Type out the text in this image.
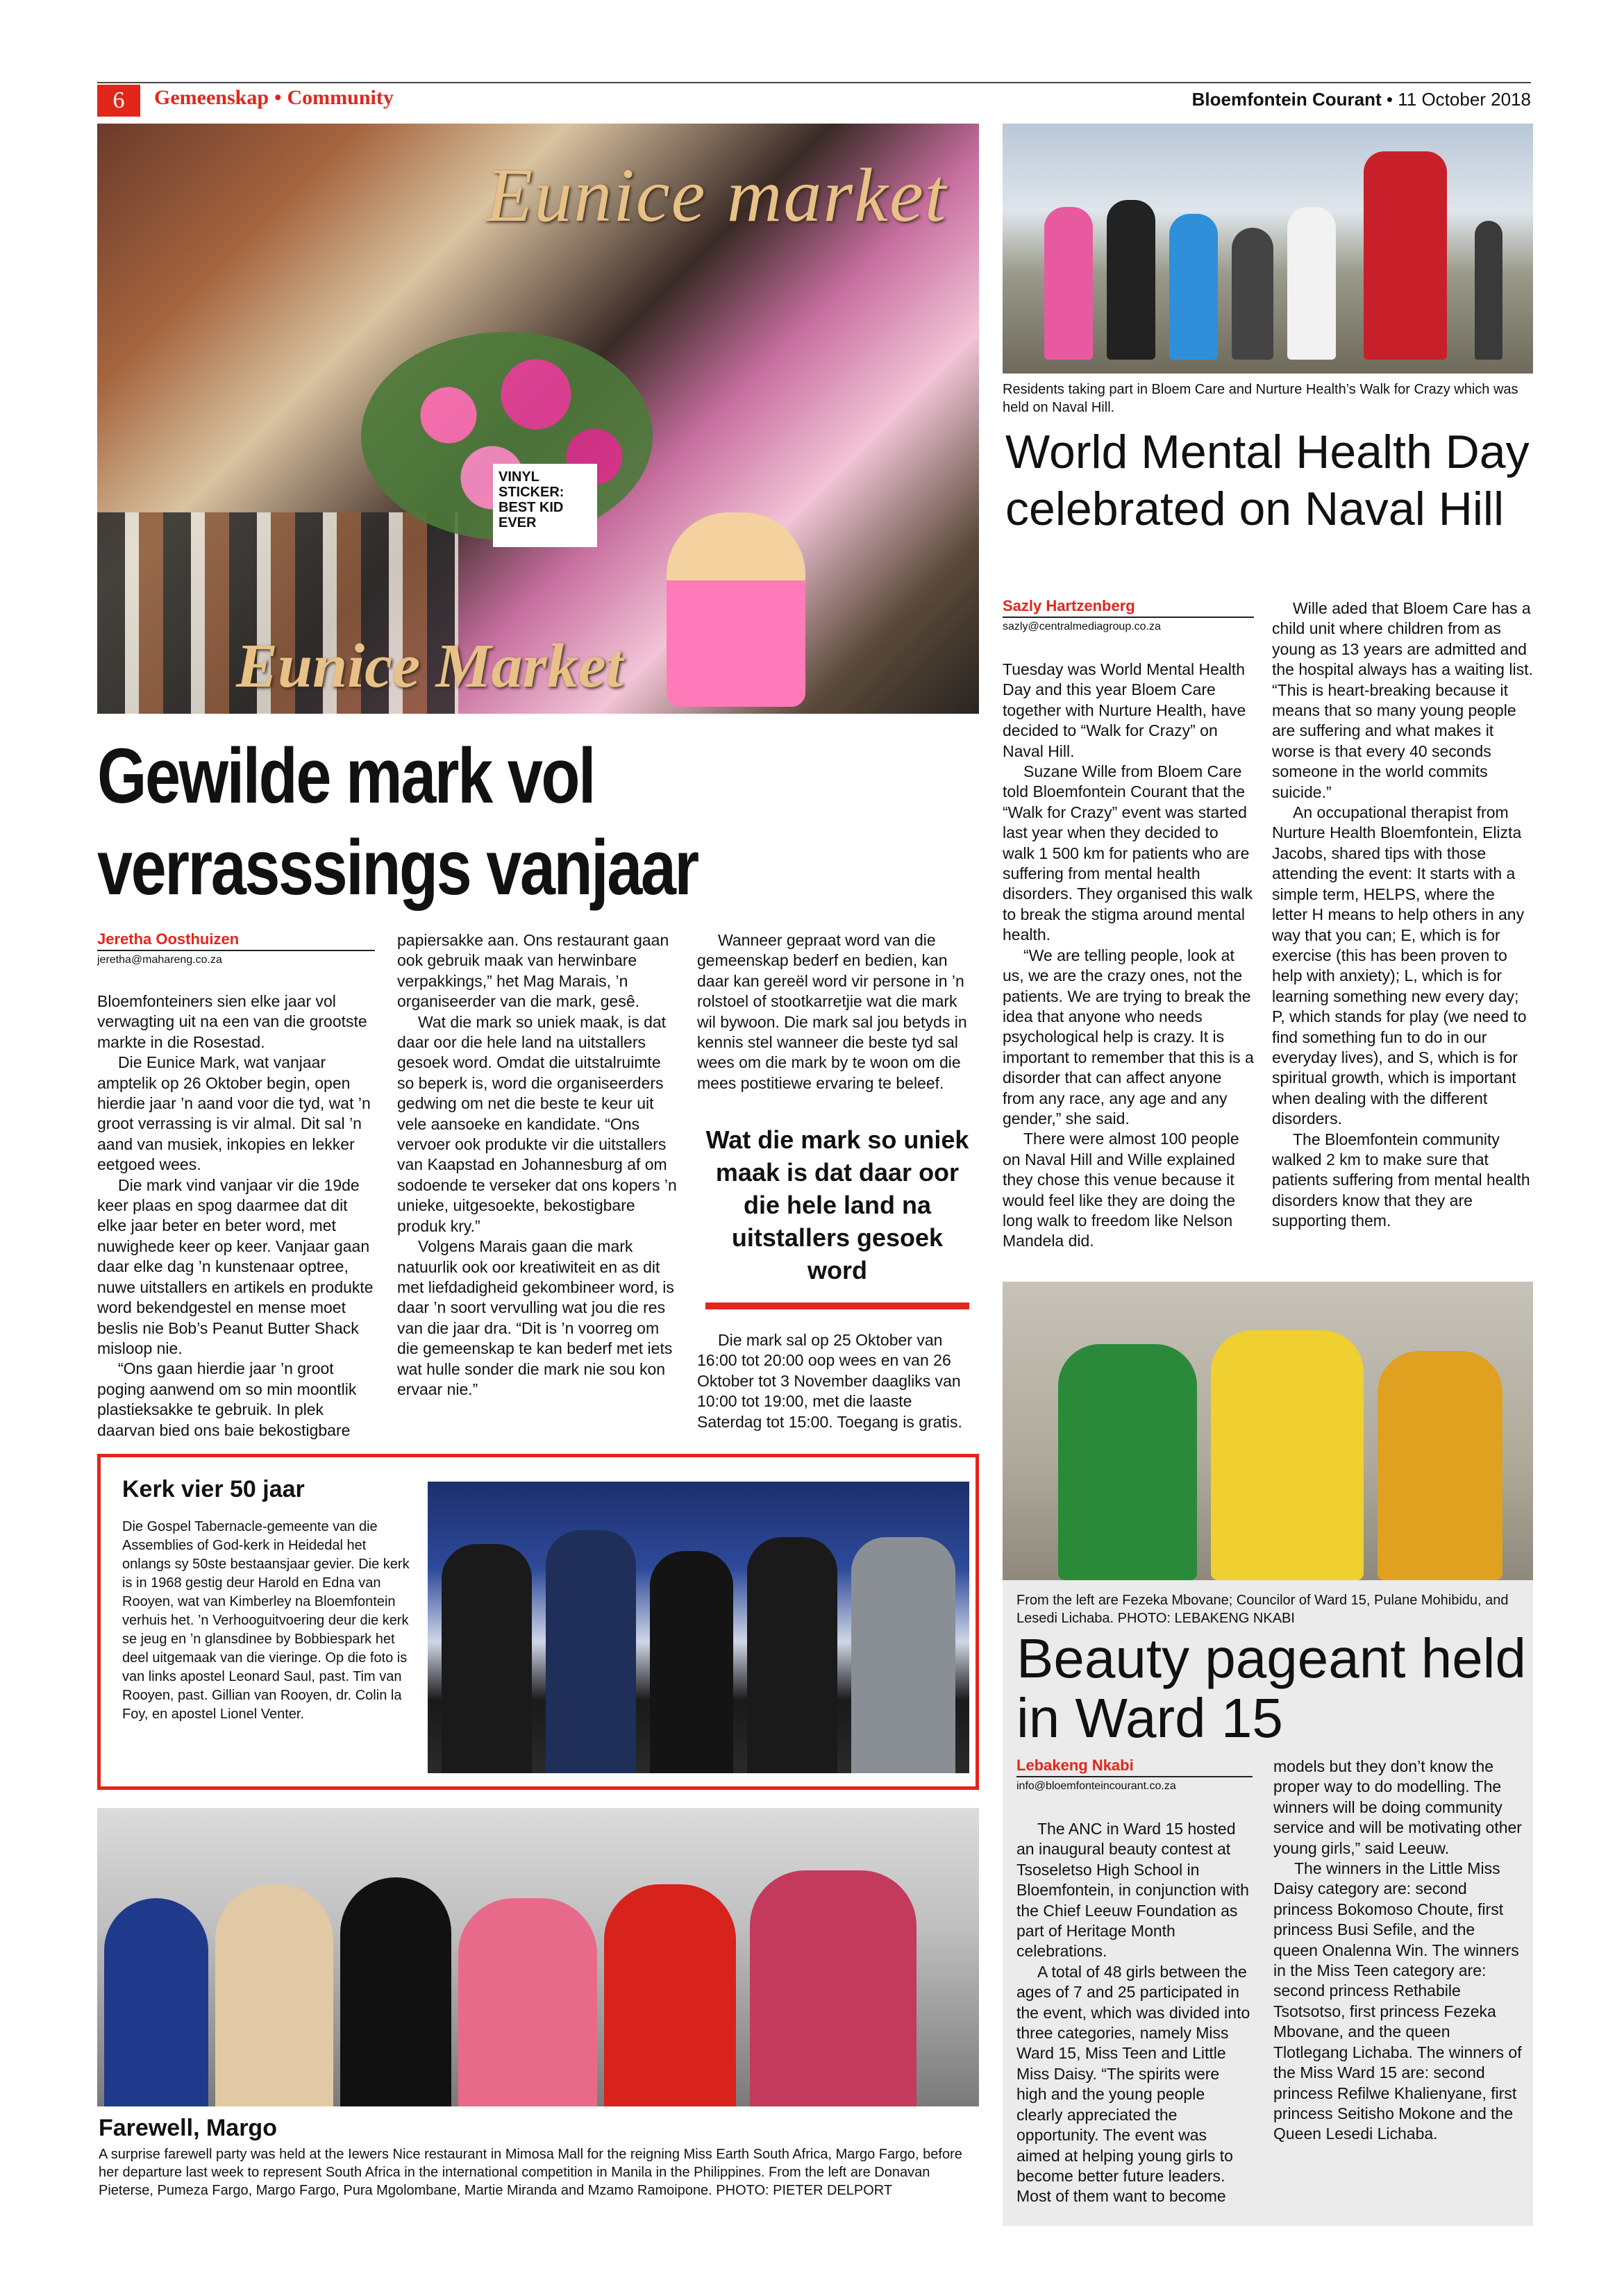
6	Gemeenskap • Community	Bloemfontein Courant • 11 October 2018
VINYL STICKER: BEST KID EVER
Eunice market
Eunice Market
Residents taking part in Bloem Care and Nurture Health’s Walk for Crazy which was held on Naval Hill.
World Mental Health Day celebrated on Naval Hill
Sazly Hartzenberg
sazly@centralmediagroup.co.za

Tuesday was World Mental Health Day and this year Bloem Care together with Nurture Health, have decided to “Walk for Crazy” on Naval Hill.

Suzane Wille from Bloem Care told Bloemfontein Courant that the “Walk for Crazy” event was started last year when they decided to walk 1 500 km for patients who are suffering from mental health disorders. They organised this walk to break the stigma around mental health.

“We are telling people, look at us, we are the crazy ones, not the patients. We are trying to break the idea that anyone who needs psychological help is crazy. It is important to remember that this is a disorder that can affect anyone from any race, any age and any gender,” she said.

There were almost 100 people on Naval Hill and Wille explained they chose this venue because it would feel like they are doing the long walk to freedom like Nelson Mandela did.

Wille aded that Bloem Care has a child unit where children from as young as 13 years are admitted and the hospital always has a waiting list. “This is heart-breaking because it means that so many young people are suffering and what makes it worse is that every 40 seconds someone in the world commits suicide.”

An occupational therapist from Nurture Health Bloemfontein, Elizta Jacobs, shared tips with those attending the event: It starts with a simple term, HELPS, where the letter H means to help others in any way that you can; E, which is for exercise (this has been proven to help with anxiety); L, which is for learning something new every day; P, which stands for play (we need to find something fun to do in our everyday lives), and S, which is for spiritual growth, which is important when dealing with the different disorders.

The Bloemfontein community walked 2 km to make sure that patients suffering from mental health disorders know that they are supporting them.

Gewilde mark vol verrasssings vanjaar
Jeretha Oosthuizen
jeretha@mahareng.co.za

Bloemfonteiners sien elke jaar vol verwagting uit na een van die grootste markte in die Rosestad.

Die Eunice Mark, wat vanjaar amptelik op 26 Oktober begin, open hierdie jaar ’n aand voor die tyd, wat ’n groot verrassing is vir almal. Dit sal ’n aand van musiek, inkopies en lekker eetgoed wees.

Die mark vind vanjaar vir die 19de keer plaas en spog daarmee dat dit elke jaar beter en beter word, met nuwighede keer op keer. Vanjaar gaan daar elke dag ’n kunstenaar optree, nuwe uitstallers en artikels en produkte word bekendgestel en mense moet beslis nie Bob’s Peanut Butter Shack misloop nie.

“Ons gaan hierdie jaar ’n groot poging aanwend om so min moontlik plastieksakke te gebruik. In plek daarvan bied ons baie bekostigbare

papiersakke aan. Ons restaurant gaan ook gebruik maak van herwinbare verpakkings,” het Mag Marais, ’n organiseerder van die mark, gesê.

Wat die mark so uniek maak, is dat daar oor die hele land na uitstallers gesoek word. Omdat die uitstalruimte so beperk is, word die organiseerders gedwing om net die beste te keur uit vele aansoeke en kandidate. “Ons vervoer ook produkte vir die uitstallers van Kaapstad en Johannesburg af om sodoende te verseker dat ons kopers ’n unieke, uitgesoekte, bekostigbare produk kry.”

Volgens Marais gaan die mark natuurlik ook oor kreatiwiteit en as dit met liefdadigheid gekombineer word, is daar ’n soort vervulling wat jou die res van die jaar dra. “Dit is ’n voorreg om die gemeenskap te kan bederf met iets wat hulle sonder die mark nie sou kon ervaar nie.”

Wanneer gepraat word van die gemeenskap bederf en bedien, kan daar kan gereël word vir persone in ’n rolstoel of stootkarretjie wat die mark wil bywoon. Die mark sal jou betyds in kennis stel wanneer die beste tyd sal wees om die mark by te woon om die mees postitiewe ervaring te beleef.

Wat die mark so uniek maak is dat daar oor die hele land na uitstallers gesoek word

Die mark sal op 25 Oktober van 16:00 tot 20:00 oop wees en van 26 Oktober tot 3 November daagliks van 10:00 tot 19:00, met die laaste Saterdag tot 15:00. Toegang is gratis.

Kerk vier 50 jaar
Die Gospel Tabernacle-gemeente van die Assemblies of God-kerk in Heidedal het onlangs sy 50ste bestaansjaar gevier. Die kerk is in 1968 gestig deur Harold en Edna van Rooyen, wat van Kimberley na Bloemfontein verhuis het. ’n Verhooguitvoering deur die kerk se jeug en ’n glansdinee by Bobbiespark het deel uitgemaak van die vieringe. Op die foto is van links apostel Leonard Saul, past. Tim van Rooyen, past. Gillian van Rooyen, dr. Colin la Foy, en apostel Lionel Venter.
Farewell, Margo
A surprise farewell party was held at the Iewers Nice restaurant in Mimosa Mall for the reigning Miss Earth South Africa, Margo Fargo, before her departure last week to represent South Africa in the international competition in Manila in the Philippines. From the left are Donavan Pieterse, Pumeza Fargo, Margo Fargo, Pura Mgolombane, Martie Miranda and Mzamo Ramoipone. PHOTO: PIETER DELPORT
From the left are Fezeka Mbovane; Councilor of Ward 15, Pulane Mohibidu, and Lesedi Lichaba. PHOTO: LEBAKENG NKABI
Beauty pageant held in Ward 15
Lebakeng Nkabi
info@bloemfonteincourant.co.za

The ANC in Ward 15 hosted an inaugural beauty contest at Tsoseletso High School in Bloemfontein, in conjunction with the Chief Leeuw Foundation as part of Heritage Month celebrations.

A total of 48 girls between the ages of 7 and 25 participated in the event, which was divided into three categories, namely Miss Ward 15, Miss Teen and Little Miss Daisy. “The spirits were high and the young people clearly appreciated the opportunity. The event was aimed at helping young girls to become better future leaders. Most of them want to become

models but they don’t know the proper way to do modelling. The winners will be doing community service and will be motivating other young girls,” said Leeuw.

The winners in the Little Miss Daisy category are: second princess Bokomoso Choute, first princess Busi Sefile, and the queen Onalenna Win. The winners in the Miss Teen category are: second princess Rethabile Tsotsotso, first princess Fezeka Mbovane, and the queen Tlotlegang Lichaba. The winners of the Miss Ward 15 are: second princess Refilwe Khalienyane, first princess Seitisho Mokone and the Queen Lesedi Lichaba.
